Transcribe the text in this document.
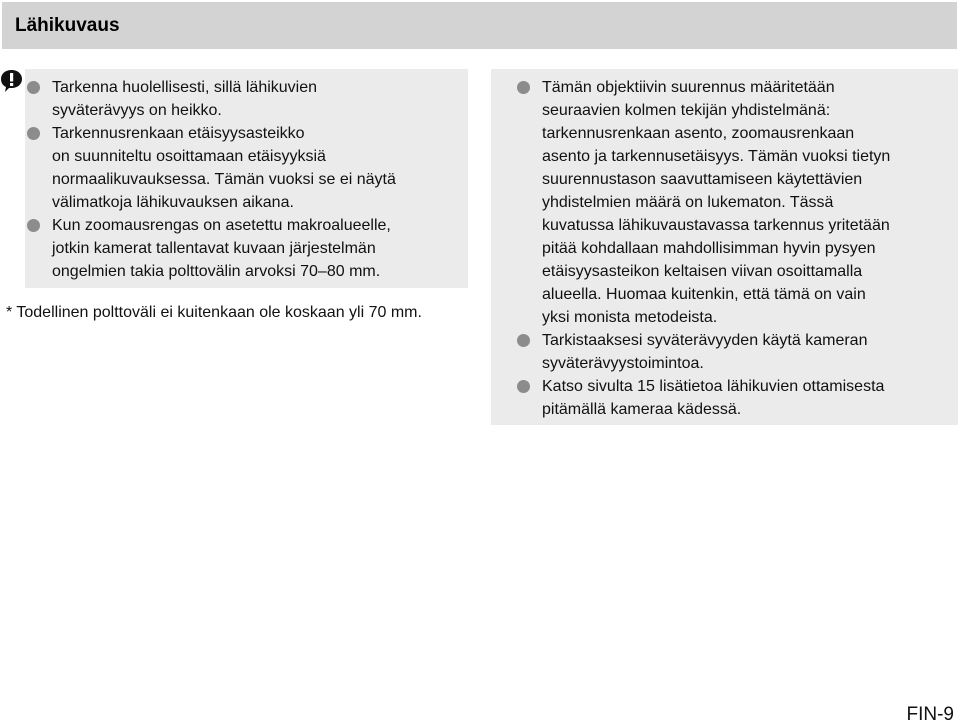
Lähikuvaus
Tarkenna huolellisesti, sillä lähikuvien
syväterävyys on heikko.
Tarkennusrenkaan etäisyysasteikko
on suunniteltu osoittamaan etäisyyksiä
normaalikuvauksessa. Tämän vuoksi se ei näytä
välimatkoja lähikuvauksen aikana.
Kun zoomausrengas on asetettu makroalueelle,
jotkin kamerat tallentavat kuvaan järjestelmän
ongelmien takia polttovälin arvoksi 70–80 mm.
* Todellinen polttoväli ei kuitenkaan ole koskaan yli 70 mm.
Tämän objektiivin suurennus määritetään
seuraavien kolmen tekijän yhdistelmänä:
tarkennusrenkaan asento, zoomausrenkaan
asento ja tarkennusetäisyys. Tämän vuoksi tietyn
suurennustason saavuttamiseen käytettävien
yhdistelmien määrä on lukematon. Tässä
kuvatussa lähikuvaustavassa tarkennus yritetään
pitää kohdallaan mahdollisimman hyvin pysyen
etäisyysasteikon keltaisen viivan osoittamalla
alueella. Huomaa kuitenkin, että tämä on vain
yksi monista metodeista.
Tarkistaaksesi syväterävyyden käytä kameran
syväterävyystoimintoa.
Katso sivulta 15 lisätietoa lähikuvien ottamisesta
pitämällä kameraa kädessä.
FIN-9
